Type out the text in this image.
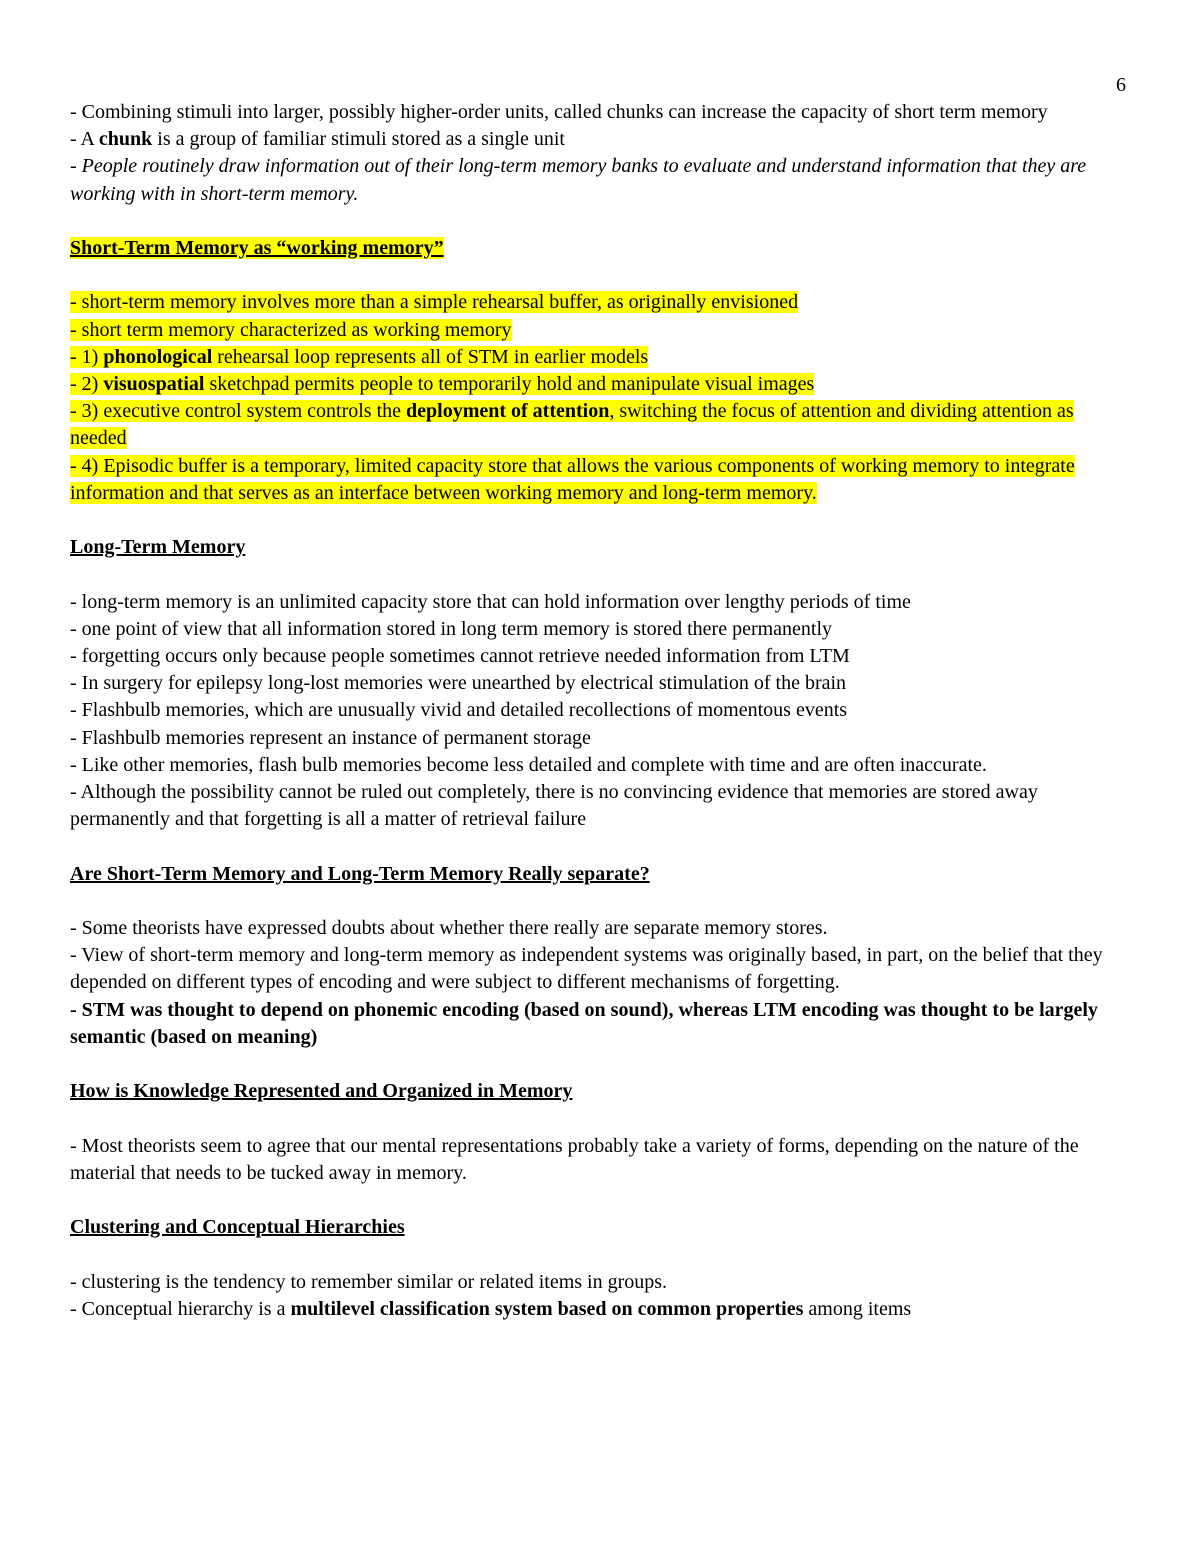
6

- Combining stimuli into larger, possibly higher-order units, called chunks can increase the capacity of short term memory

- A chunk is a group of familiar stimuli stored as a single unit

- People routinely draw information out of their long-term memory banks to evaluate and understand information that they are working with in short-term memory.

Short-Term Memory as “working memory”

- short-term memory involves more than a simple rehearsal buffer, as originally envisioned

- short term memory characterized as working memory

- 1) phonological rehearsal loop represents all of STM in earlier models

- 2) visuospatial sketchpad permits people to temporarily hold and manipulate visual images

- 3) executive control system controls the deployment of attention, switching the focus of attention and dividing attention as needed

- 4) Episodic buffer is a temporary, limited capacity store that allows the various components of working memory to integrate information and that serves as an interface between working memory and long-term memory.

Long-Term Memory

- long-term memory is an unlimited capacity store that can hold information over lengthy periods of time

- one point of view that all information stored in long term memory is stored there permanently

- forgetting occurs only because people sometimes cannot retrieve needed information from LTM

- In surgery for epilepsy long-lost memories were unearthed by electrical stimulation of the brain

- Flashbulb memories, which are unusually vivid and detailed recollections of momentous events

- Flashbulb memories represent an instance of permanent storage

- Like other memories, flash bulb memories become less detailed and complete with time and are often inaccurate.

- Although the possibility cannot be ruled out completely, there is no convincing evidence that memories are stored away permanently and that forgetting is all a matter of retrieval failure

Are Short-Term Memory and Long-Term Memory Really separate?

- Some theorists have expressed doubts about whether there really are separate memory stores.

- View of short-term memory and long-term memory as independent systems was originally based, in part, on the belief that they depended on different types of encoding and were subject to different mechanisms of forgetting.

- STM was thought to depend on phonemic encoding (based on sound), whereas LTM encoding was thought to be largely semantic (based on meaning)

How is Knowledge Represented and Organized in Memory

- Most theorists seem to agree that our mental representations probably take a variety of forms, depending on the nature of the material that needs to be tucked away in memory.

Clustering and Conceptual Hierarchies

- clustering is the tendency to remember similar or related items in groups.

- Conceptual hierarchy is a multilevel classification system based on common properties among items
